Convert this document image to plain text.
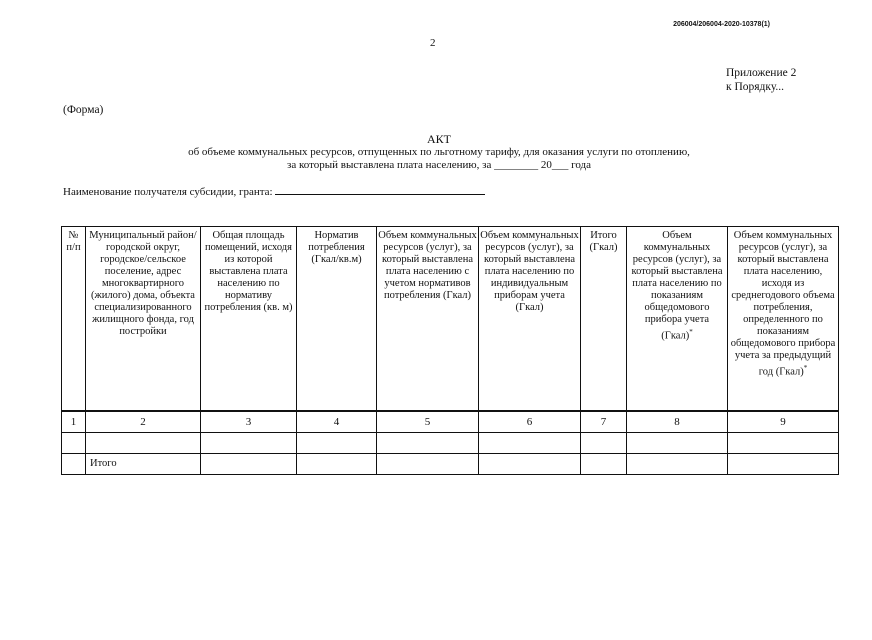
206004/206004-2020-10378(1)
2
Приложение 2
к Порядку...
(Форма)
АКТ
об объеме коммунальных ресурсов, отпущенных по льготному тарифу, для оказания услуги по отоплению,
за который выставлена плата населению, за ________ 20___ года
Наименование получателя субсидии, гранта:
№ п/п	Муниципальный район/городской округ, городское/сельское поселение, адрес многоквартирного (жилого) дома, объекта специализированного жилищного фонда, год постройки	Общая площадь помещений, исходя из которой выставлена плата населению по нормативу потребления (кв. м)	Норматив потребления (Гкал/кв.м)	Объем коммунальных ресурсов (услуг), за который выставлена плата населению с учетом нормативов потребления (Гкал)	Объем коммунальных ресурсов (услуг), за который выставлена плата населению по индивидуальным приборам учета (Гкал)	Итого (Гкал)	Объем коммунальных ресурсов (услуг), за который выставлена плата населению по показаниям общедомового прибора учета (Гкал)*	Объем коммунальных ресурсов (услуг), за который выставлена плата населению, исходя из среднегодового объема потребления, определенного по показаниям общедомового прибора учета за предыдущий год (Гкал)*
1	2	3	4	5	6	7	8	9

	Итого							
